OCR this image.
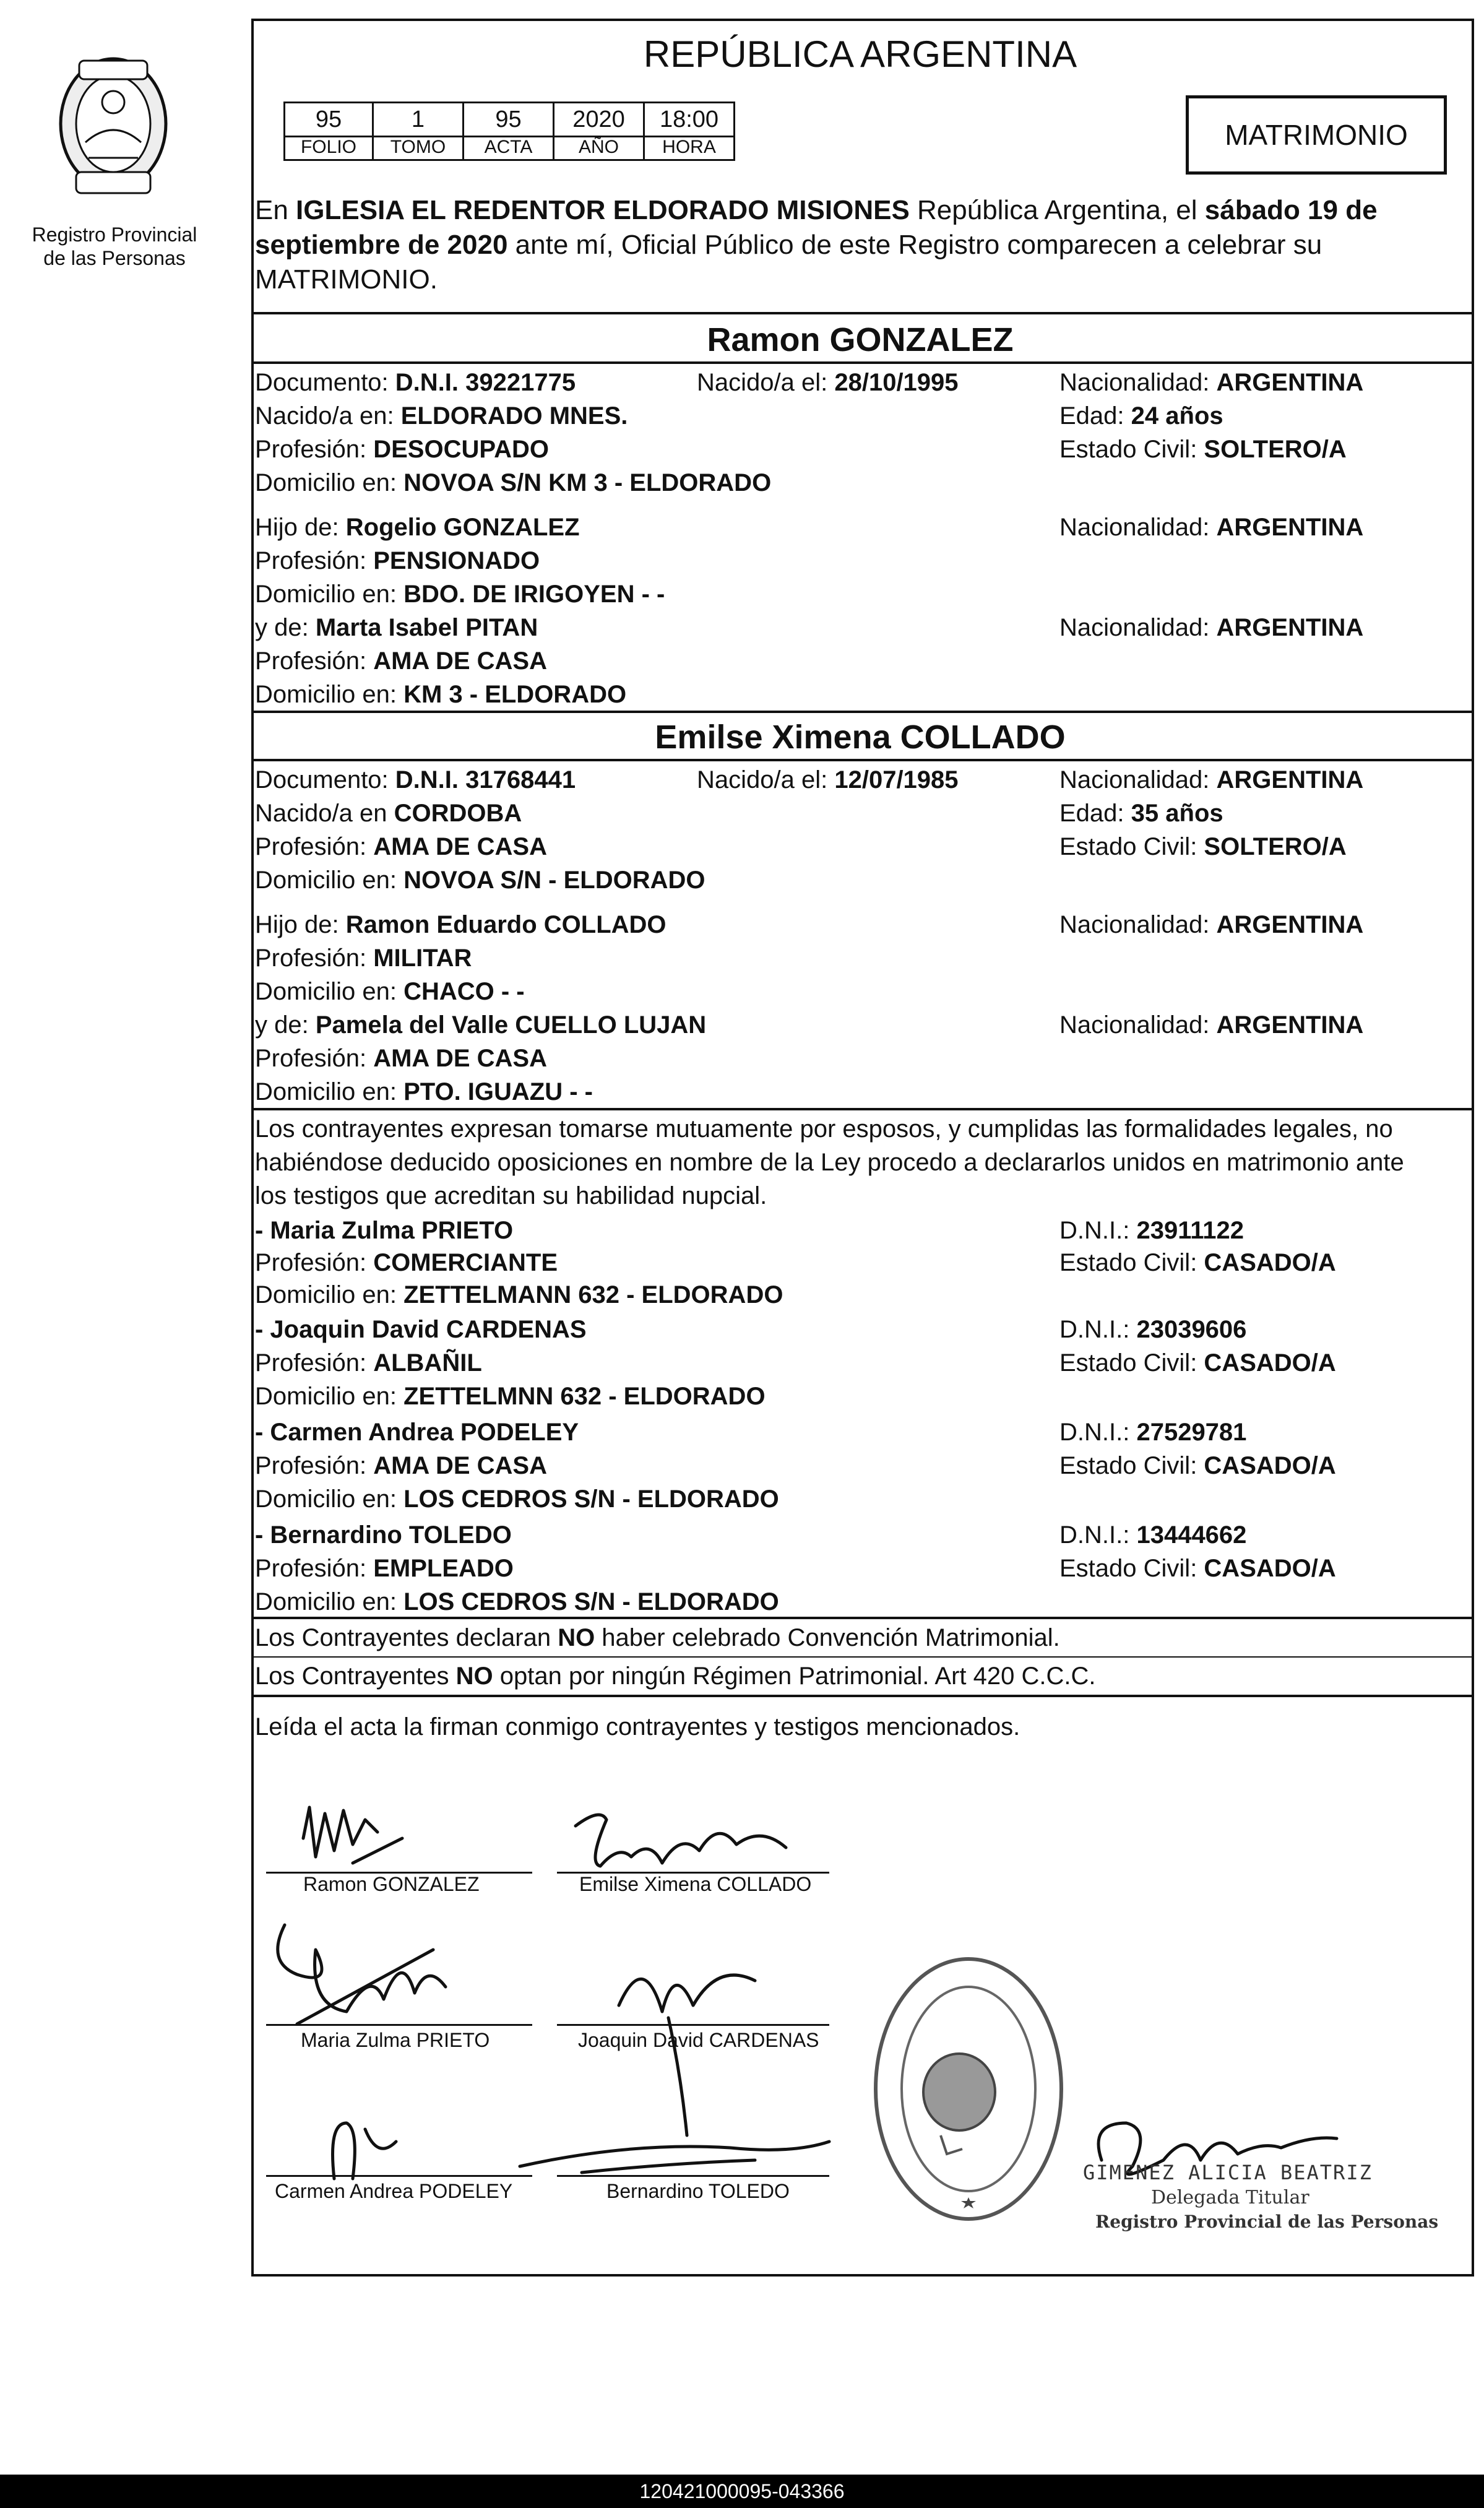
Registro Provincial
de las Personas
REPÚBLICA ARGENTINA
95	1	95	2020	18:00
FOLIO	TOMO	ACTA	AÑO	HORA	MATRIMONIO
En IGLESIA EL REDENTOR ELDORADO MISIONES República Argentina, el sábado 19 de
septiembre de 2020 ante mí, Oficial Público de este Registro comparecen a celebrar su
MATRIMONIO.
Ramon GONZALEZ
Documento: D.N.I. 39221775	Nacido/a el: 28/10/1995	Nacionalidad: ARGENTINA
Nacido/a en: ELDORADO MNES.	Edad: 24 años
Profesión: DESOCUPADO	Estado Civil: SOLTERO/A
Domicilio en: NOVOA S/N KM 3 - ELDORADO
Hijo de: Rogelio GONZALEZ	Nacionalidad: ARGENTINA
Profesión: PENSIONADO
Domicilio en: BDO. DE IRIGOYEN - -
y de: Marta Isabel PITAN	Nacionalidad: ARGENTINA
Profesión: AMA DE CASA
Domicilio en: KM 3 - ELDORADO
Emilse Ximena COLLADO
Documento: D.N.I. 31768441	Nacido/a el: 12/07/1985	Nacionalidad: ARGENTINA
Nacido/a en CORDOBA	Edad: 35 años
Profesión: AMA DE CASA	Estado Civil: SOLTERO/A
Domicilio en: NOVOA S/N - ELDORADO
Hijo de: Ramon Eduardo COLLADO	Nacionalidad: ARGENTINA
Profesión: MILITAR
Domicilio en: CHACO - -
y de: Pamela del Valle CUELLO LUJAN	Nacionalidad: ARGENTINA
Profesión: AMA DE CASA
Domicilio en: PTO. IGUAZU - -
Los contrayentes expresan tomarse mutuamente por esposos, y cumplidas las formalidades legales, no
habiéndose deducido oposiciones en nombre de la Ley procedo a declararlos unidos en matrimonio ante
los testigos que acreditan su habilidad nupcial.
- Maria Zulma PRIETO	D.N.I.: 23911122
Profesión: COMERCIANTE	Estado Civil: CASADO/A
Domicilio en: ZETTELMANN 632 - ELDORADO
- Joaquin David CARDENAS	D.N.I.: 23039606
Profesión: ALBAÑIL	Estado Civil: CASADO/A
Domicilio en: ZETTELMNN 632 - ELDORADO
- Carmen Andrea PODELEY	D.N.I.: 27529781
Profesión: AMA DE CASA	Estado Civil: CASADO/A
Domicilio en: LOS CEDROS S/N - ELDORADO
- Bernardino TOLEDO	D.N.I.: 13444662
Profesión: EMPLEADO	Estado Civil: CASADO/A
Domicilio en: LOS CEDROS S/N - ELDORADO
Los Contrayentes declaran NO haber celebrado Convención Matrimonial.
Los Contrayentes NO optan por ningún Régimen Patrimonial. Art 420 C.C.C.
Leída el acta la firman conmigo contrayentes y testigos mencionados.
Ramon GONZALEZ	Emilse Ximena COLLADO
Maria Zulma PRIETO	Joaquin David CARDENAS
Carmen Andrea PODELEY	Bernardino TOLEDO
GIMENEZ ALICIA BEATRIZ
Delegada Titular
Registro Provincial de las Personas
120421000095-043366
